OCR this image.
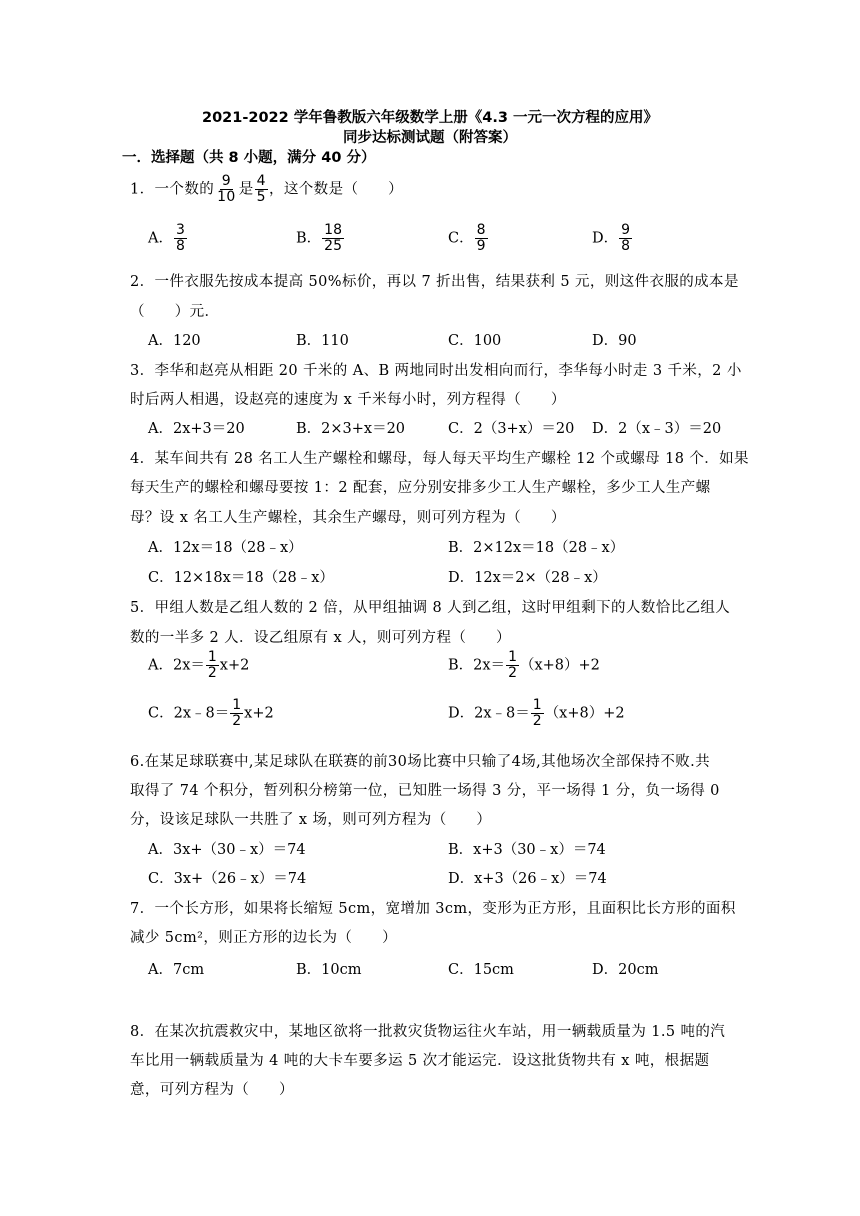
2021-2022 学年鲁教版六年级数学上册《4.3 一元一次方程的应用》
同步达标测试题（附答案）
一．选择题（共 8 小题，满分 40 分）
1．一个数的 $\frac{9}{10}$ 是 $\frac{4}{5}$ ，这个数是（　　）
A． $\frac{3}{8}$	B． $\frac{18}{25}$	C． $\frac{8}{9}$	D． $\frac{9}{8}$
2．一件衣服先按成本提高 50%标价，再以 7 折出售，结果获利 5 元，则这件衣服的成本是
（　　）元．
A．120	B．110	C．100	D．90
3．李华和赵亮从相距 20 千米的 A、B 两地同时出发相向而行，李华每小时走 3 千米，2 小
时后两人相遇，设赵亮的速度为 x 千米每小时，列方程得（　　）
A．2x+3＝20	B．2×3+x＝20	C．2（3+x）＝20 D．2（x﹣3）＝20
4．某车间共有 28 名工人生产螺栓和螺母，每人每天平均生产螺栓 12 个或螺母 18 个．如果
每天生产的螺栓和螺母要按 1：2 配套，应分别安排多少工人生产螺栓，多少工人生产螺
母？设 x 名工人生产螺栓，其余生产螺母，则可列方程为（　　）
A．12x＝18（28﹣x）	B．2×12x＝18（28﹣x）
C．12×18x＝18（28﹣x）	D．12x＝2×（28﹣x）
5．甲组人数是乙组人数的 2 倍，从甲组抽调 8 人到乙组，这时甲组剩下的人数恰比乙组人
数的一半多 2 人．设乙组原有 x 人，则可列方程（　　）
A．$2x= \frac{1}{2} x+2$	B．$2x= \frac{1}{2} (x+8)+2$
C．2x﹣8＝ $\frac{1}{2} x+2$	D．2x﹣8＝ $\frac{1}{2} (x+8)+2$
6.在某足球联赛中,某足球队在联赛的前30场比赛中只输了4场,其他场次全部保持不败.共
取得了 74 个积分，暂列积分榜第一位，已知胜一场得 3 分，平一场得 1 分，负一场得 0
分，设该足球队一共胜了 x 场，则可列方程为（　　）
A．3x+（30﹣x）＝74	B．x+3（30﹣x）＝74
C．3x+（26﹣x）＝74	D．x+3（26﹣x）＝74
7．一个长方形，如果将长缩短 5cm，宽增加 3cm，变形为正方形，且面积比长方形的面积
减少 5cm²，则正方形的边长为（　　）
A．7cm	B．10cm	C．15cm	D．20cm
8．在某次抗震救灾中，某地区欲将一批救灾货物运往火车站，用一辆载质量为 1.5 吨的汽
车比用一辆载质量为 4 吨的大卡车要多运 5 次才能运完．设这批货物共有 x 吨，根据题
意，可列方程为（　　）
